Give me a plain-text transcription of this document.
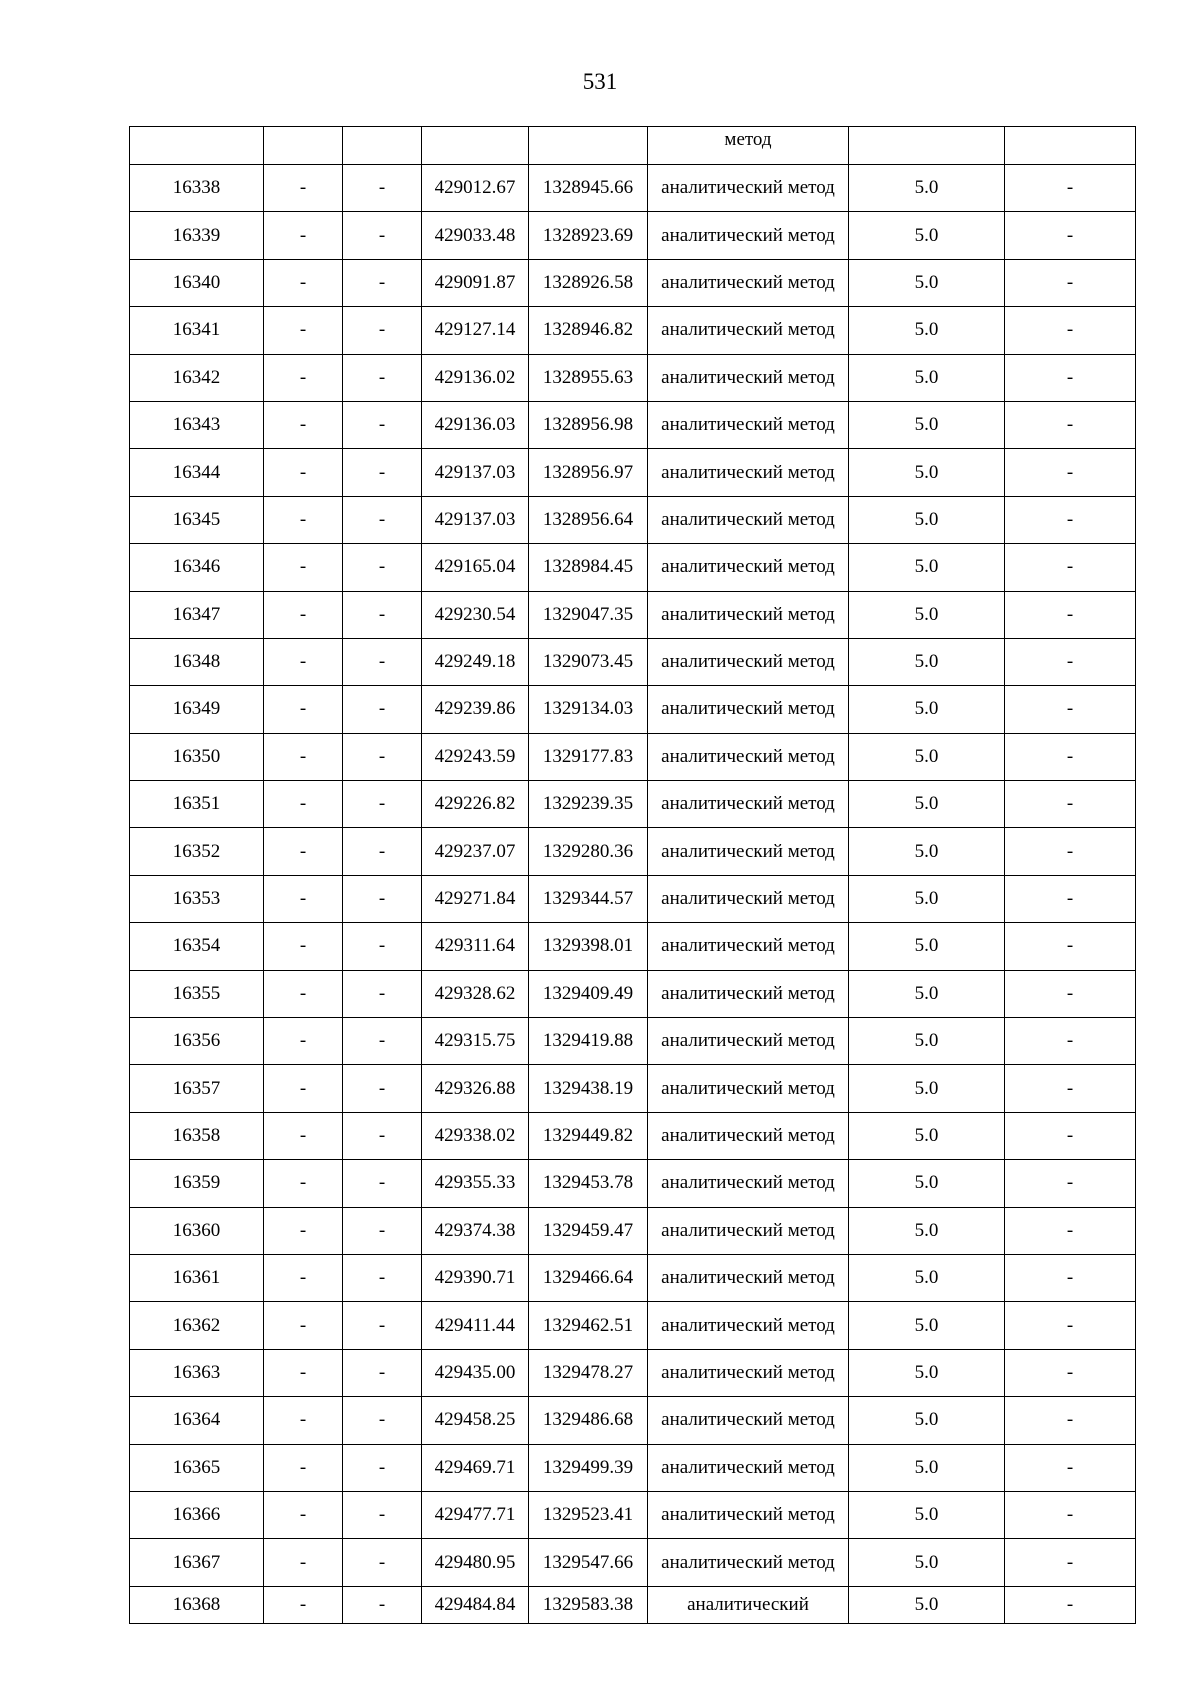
531
					метод		
16338	-	-	429012.67	1328945.66	аналитический метод	5.0	-
16339	-	-	429033.48	1328923.69	аналитический метод	5.0	-
16340	-	-	429091.87	1328926.58	аналитический метод	5.0	-
16341	-	-	429127.14	1328946.82	аналитический метод	5.0	-
16342	-	-	429136.02	1328955.63	аналитический метод	5.0	-
16343	-	-	429136.03	1328956.98	аналитический метод	5.0	-
16344	-	-	429137.03	1328956.97	аналитический метод	5.0	-
16345	-	-	429137.03	1328956.64	аналитический метод	5.0	-
16346	-	-	429165.04	1328984.45	аналитический метод	5.0	-
16347	-	-	429230.54	1329047.35	аналитический метод	5.0	-
16348	-	-	429249.18	1329073.45	аналитический метод	5.0	-
16349	-	-	429239.86	1329134.03	аналитический метод	5.0	-
16350	-	-	429243.59	1329177.83	аналитический метод	5.0	-
16351	-	-	429226.82	1329239.35	аналитический метод	5.0	-
16352	-	-	429237.07	1329280.36	аналитический метод	5.0	-
16353	-	-	429271.84	1329344.57	аналитический метод	5.0	-
16354	-	-	429311.64	1329398.01	аналитический метод	5.0	-
16355	-	-	429328.62	1329409.49	аналитический метод	5.0	-
16356	-	-	429315.75	1329419.88	аналитический метод	5.0	-
16357	-	-	429326.88	1329438.19	аналитический метод	5.0	-
16358	-	-	429338.02	1329449.82	аналитический метод	5.0	-
16359	-	-	429355.33	1329453.78	аналитический метод	5.0	-
16360	-	-	429374.38	1329459.47	аналитический метод	5.0	-
16361	-	-	429390.71	1329466.64	аналитический метод	5.0	-
16362	-	-	429411.44	1329462.51	аналитический метод	5.0	-
16363	-	-	429435.00	1329478.27	аналитический метод	5.0	-
16364	-	-	429458.25	1329486.68	аналитический метод	5.0	-
16365	-	-	429469.71	1329499.39	аналитический метод	5.0	-
16366	-	-	429477.71	1329523.41	аналитический метод	5.0	-
16367	-	-	429480.95	1329547.66	аналитический метод	5.0	-
16368	-	-	429484.84	1329583.38	аналитический	5.0	-
